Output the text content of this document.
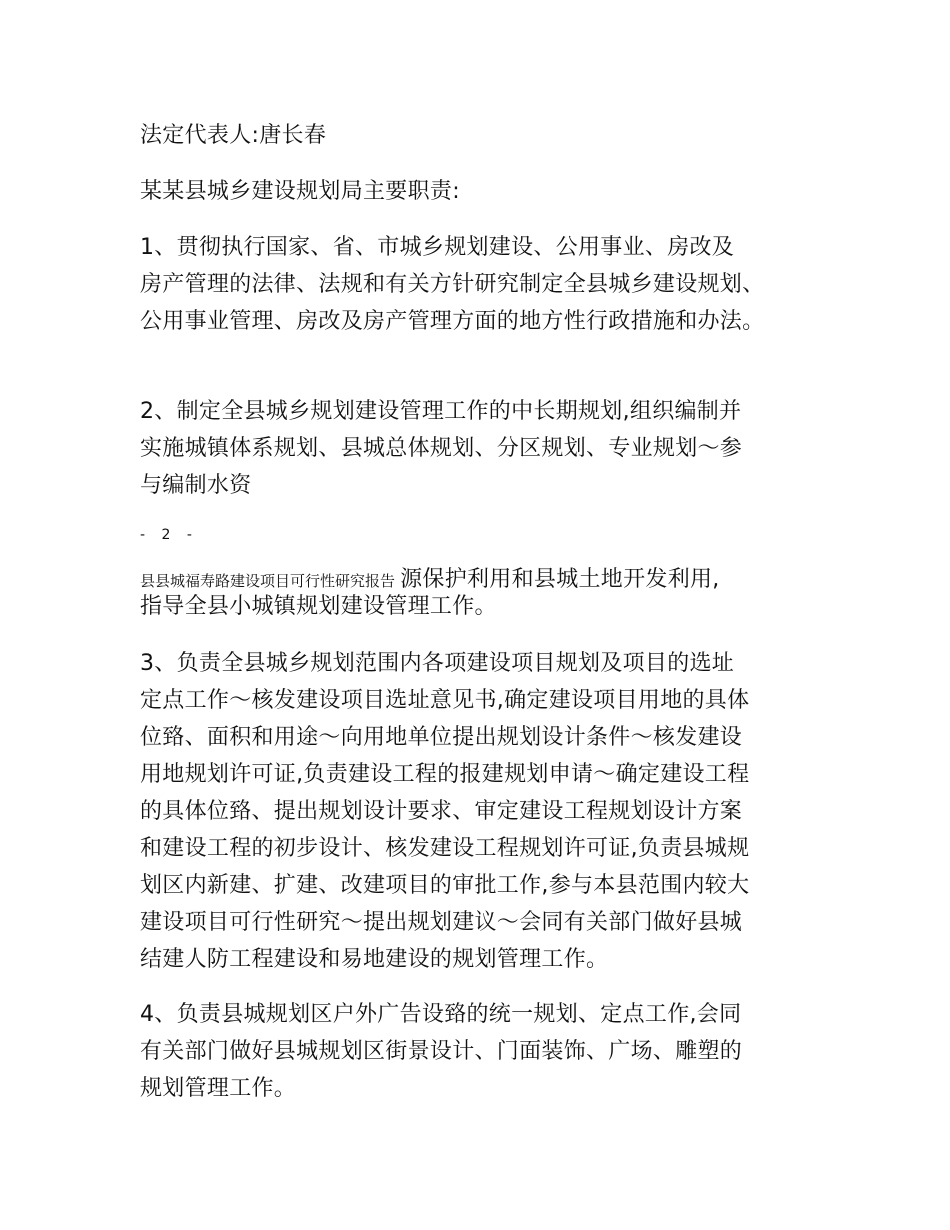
法定代表人:唐长春

某某县城乡建设规划局主要职责:

1、贯彻执行国家、省、市城乡规划建设、公用事业、房改及

房产管理的法律、法规和有关方针研究制定全县城乡建设规划、

公用事业管理、房改及房产管理方面的地方性行政措施和办法。

2、制定全县城乡规划建设管理工作的中长期规划,组织编制并

实施城镇体系规划、县城总体规划、分区规划、专业规划～参

与编制水资

- 2 -

县县城福寿路建设项目可行性研究报告 源保护利用和县城土地开发利用,

指导全县小城镇规划建设管理工作。

3、负责全县城乡规划范围内各项建设项目规划及项目的选址

定点工作～核发建设项目选址意见书,确定建设项目用地的具体

位臵、面积和用途～向用地单位提出规划设计条件～核发建设

用地规划许可证,负责建设工程的报建规划申请～确定建设工程

的具体位臵、提出规划设计要求、审定建设工程规划设计方案

和建设工程的初步设计、核发建设工程规划许可证,负责县城规

划区内新建、扩建、改建项目的审批工作,参与本县范围内较大

建设项目可行性研究～提出规划建议～会同有关部门做好县城

结建人防工程建设和易地建设的规划管理工作。

4、负责县城规划区户外广告设臵的统一规划、定点工作,会同

有关部门做好县城规划区街景设计、门面装饰、广场、雕塑的

规划管理工作。
